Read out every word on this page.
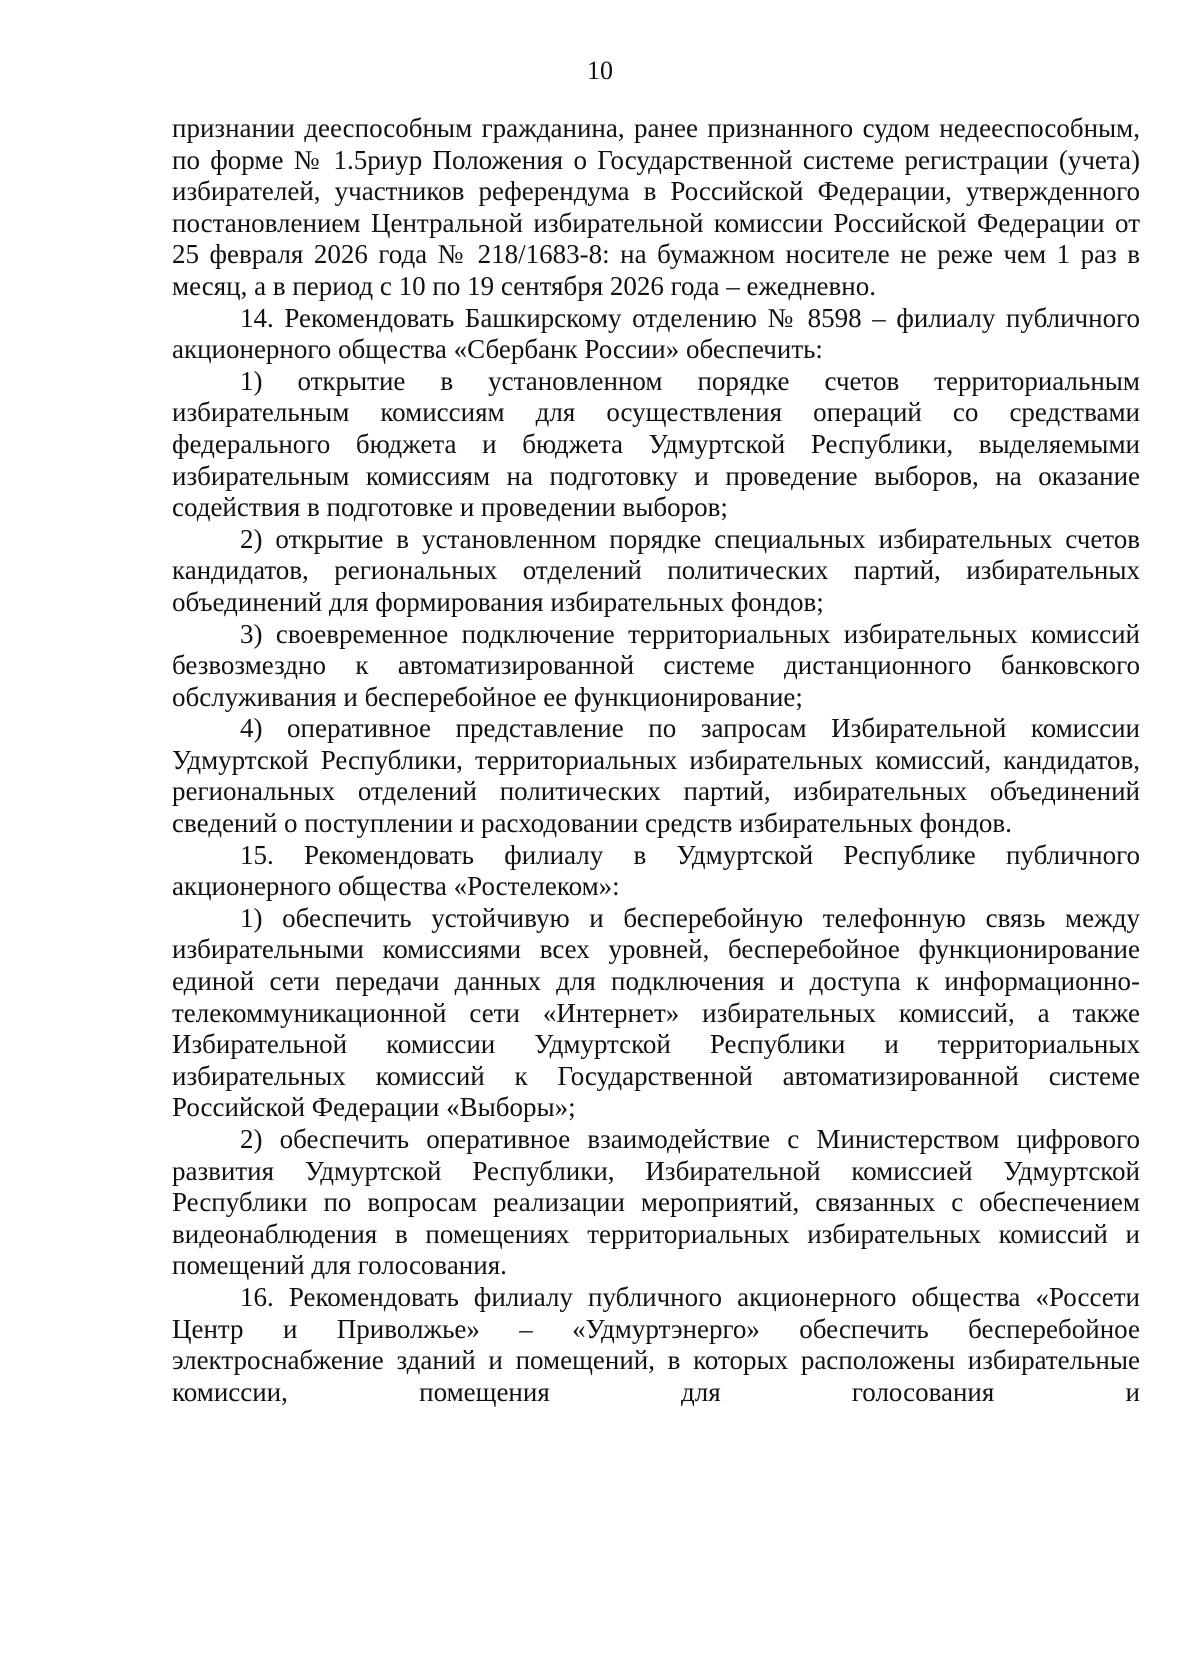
10

признании дееспособным гражданина, ранее признанного судом недееспособным, по форме № 1.5риур Положения о Государственной системе регистрации (учета) избирателей, участников референдума в Российской Федерации, утвержденного постановлением Центральной избирательной комиссии Российской Федерации от 25 февраля 2026 года № 218/1683-8: на бумажном носителе не реже чем 1 раз в месяц, а в период с 10 по 19 сентября 2026 года – ежедневно.

14. Рекомендовать Башкирскому отделению № 8598 – филиалу публичного акционерного общества «Сбербанк России» обеспечить:

1) открытие в установленном порядке счетов территориальным избирательным комиссиям для осуществления операций со средствами федерального бюджета и бюджета Удмуртской Республики, выделяемыми избирательным комиссиям на подготовку и проведение выборов, на оказание содействия в подготовке и проведении выборов;

2) открытие в установленном порядке специальных избирательных счетов кандидатов, региональных отделений политических партий, избирательных объединений для формирования избирательных фондов;

3) своевременное подключение территориальных избирательных комиссий безвозмездно к автоматизированной системе дистанционного банковского обслуживания и бесперебойное ее функционирование;

4) оперативное представление по запросам Избирательной комиссии Удмуртской Республики, территориальных избирательных комиссий, кандидатов, региональных отделений политических партий, избирательных объединений сведений о поступлении и расходовании средств избирательных фондов.

15. Рекомендовать филиалу в Удмуртской Республике публичного акционерного общества «Ростелеком»:

1) обеспечить устойчивую и бесперебойную телефонную связь между избирательными комиссиями всех уровней, бесперебойное функционирование единой сети передачи данных для подключения и доступа к информационно-телекоммуникационной сети «Интернет» избирательных комиссий, а также Избирательной комиссии Удмуртской Республики и территориальных избирательных комиссий к Государственной автоматизированной системе Российской Федерации «Выборы»;

2) обеспечить оперативное взаимодействие с Министерством цифрового развития Удмуртской Республики, Избирательной комиссией Удмуртской Республики по вопросам реализации мероприятий, связанных с обеспечением видеонаблюдения в помещениях территориальных избирательных комиссий и помещений для голосования.

16. Рекомендовать филиалу публичного акционерного общества «Россети Центр и Приволжье» – «Удмуртэнерго» обеспечить бесперебойное электроснабжение зданий и помещений, в которых расположены избирательные комиссии, помещения для голосования и
